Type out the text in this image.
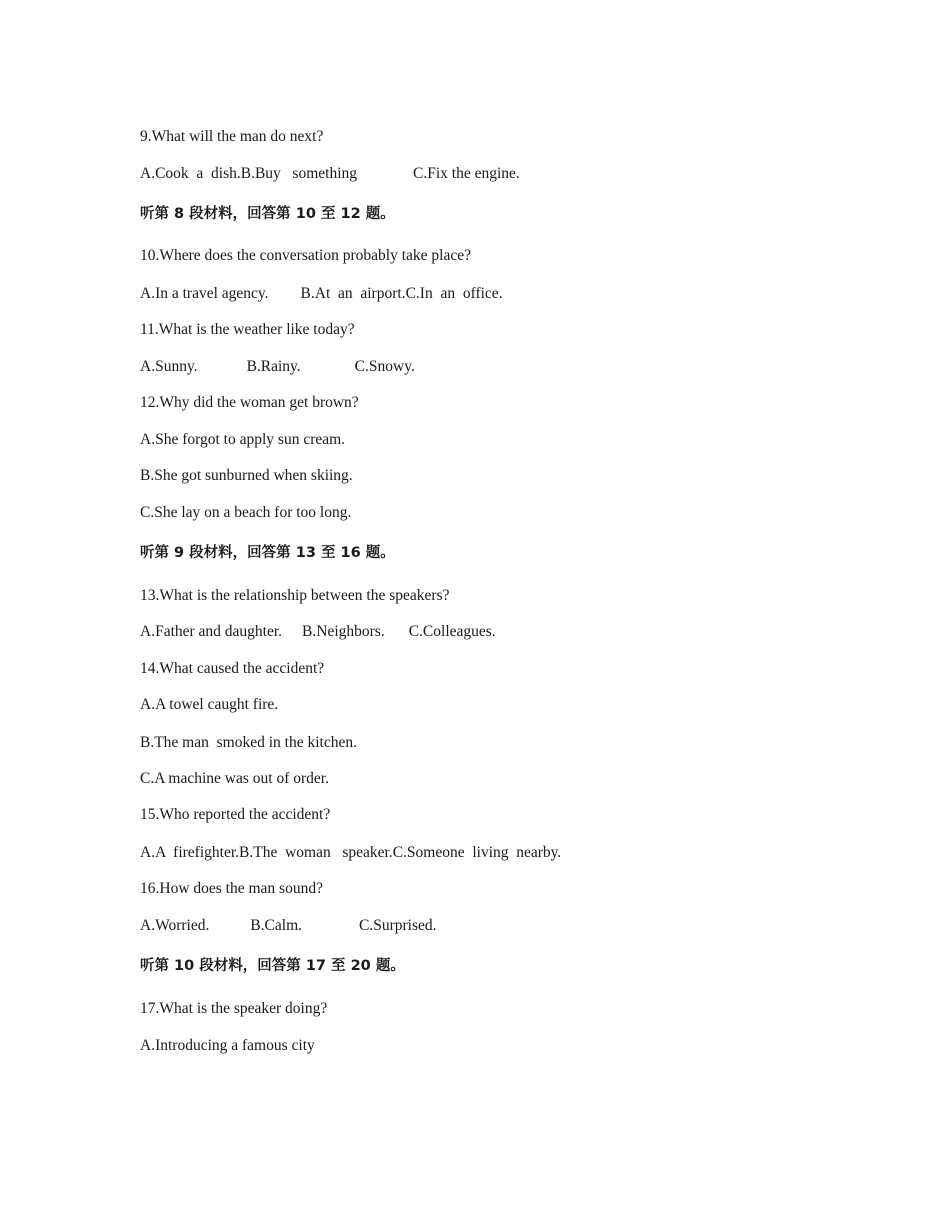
9.What will the man do next?

A.Cook  a  dish.B.Buy   something	C.Fix the engine.

听第 8 段材料，回答第 10 至 12 题。

10.Where does the conversation probably take place?

A.In a travel agency. B.At  an  airport.C.In  an  office.

11.What is the weather like today?

A.Sunny.	B.Rainy.	C.Snowy.

12.Why did the woman get brown?

A.She forgot to apply sun cream.

B.She got sunburned when skiing.

C.She lay on a beach for too long.

听第 9 段材料，回答第 13 至 16 题。

13.What is the relationship between the speakers?

A.Father and daughter. B.Neighbors. C.Colleagues.

14.What caused the accident?

A.A towel caught fire.

B.The man  smoked in the kitchen.

C.A machine was out of order.

15.Who reported the accident?

A.A  firefighter.B.The  woman   speaker.C.Someone  living  nearby.

16.How does the man sound?

A.Worried.	B.Calm.	C.Surprised.

听第 10 段材料，回答第 17 至 20 题。

17.What is the speaker doing?

A.Introducing a famous city
